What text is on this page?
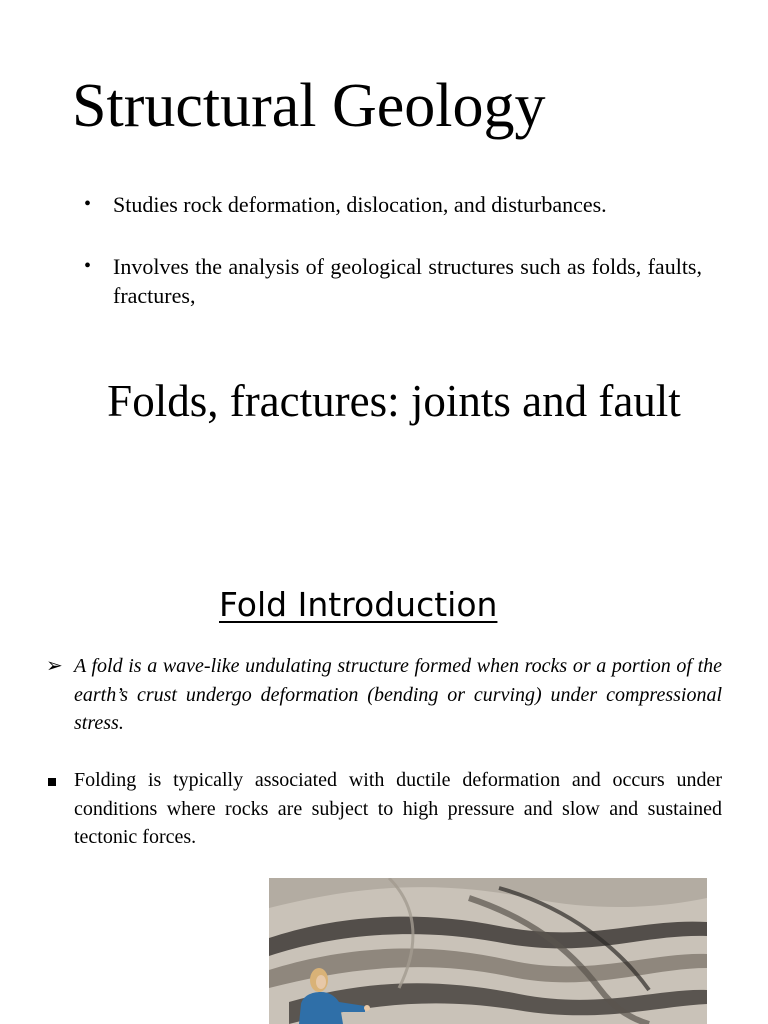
Structural Geology
• Studies rock deformation, dislocation, and disturbances.
• Involves the analysis of geological structures such as folds, faults, fractures,
Folds, fractures: joints and fault
Fold Introduction
➢ A fold is a wave-like undulating structure formed when rocks or a portion of the earth’s crust undergo deformation (bending or curving) under compressional stress.
Folding is typically associated with ductile deformation and occurs under conditions where rocks are subject to high pressure and slow and sustained tectonic forces.
